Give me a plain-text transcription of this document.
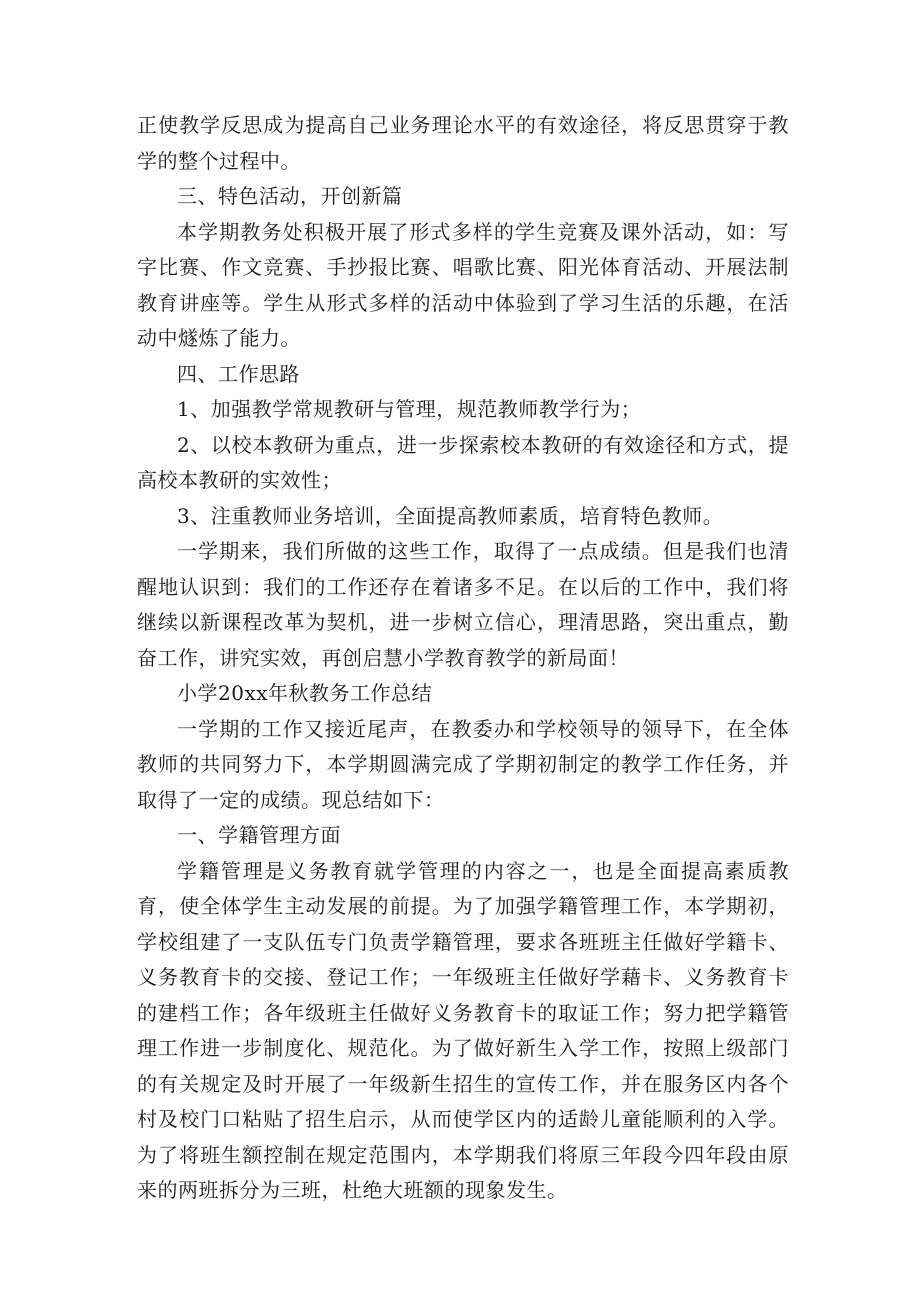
正使教学反思成为提高自己业务理论水平的有效途径，将反思贯穿于教学的整个过程中。

三、特色活动，开创新篇

本学期教务处积极开展了形式多样的学生竞赛及课外活动，如：写字比赛、作文竞赛、手抄报比赛、唱歌比赛、阳光体育活动、开展法制教育讲座等。学生从形式多样的活动中体验到了学习生活的乐趣，在活动中燧炼了能力。

四、工作思路

1、加强教学常规教研与管理，规范教师教学行为；

2、以校本教研为重点，进一步探索校本教研的有效途径和方式，提高校本教研的实效性；

3、注重教师业务培训，全面提高教师素质，培育特色教师。

一学期来，我们所做的这些工作，取得了一点成绩。但是我们也清醒地认识到：我们的工作还存在着诸多不足。在以后的工作中，我们将继续以新课程改革为契机，进一步树立信心，理清思路，突出重点，勤奋工作，讲究实效，再创启慧小学教育教学的新局面！

小学20xx年秋教务工作总结

一学期的工作又接近尾声，在教委办和学校领导的领导下，在全体教师的共同努力下，本学期圆满完成了学期初制定的教学工作任务，并取得了一定的成绩。现总结如下：

一、学籍管理方面

学籍管理是义务教育就学管理的内容之一，也是全面提高素质教育，使全体学生主动发展的前提。为了加强学籍管理工作，本学期初，学校组建了一支队伍专门负责学籍管理，要求各班班主任做好学籍卡、义务教育卡的交接、登记工作；一年级班主任做好学藉卡、义务教育卡的建档工作；各年级班主任做好义务教育卡的取证工作；努力把学籍管理工作进一步制度化、规范化。为了做好新生入学工作，按照上级部门的有关规定及时开展了一年级新生招生的宣传工作，并在服务区内各个村及校门口粘贴了招生启示，从而使学区内的适龄儿童能顺利的入学。为了将班生额控制在规定范围内，本学期我们将原三年段今四年段由原来的两班拆分为三班，杜绝大班额的现象发生。
